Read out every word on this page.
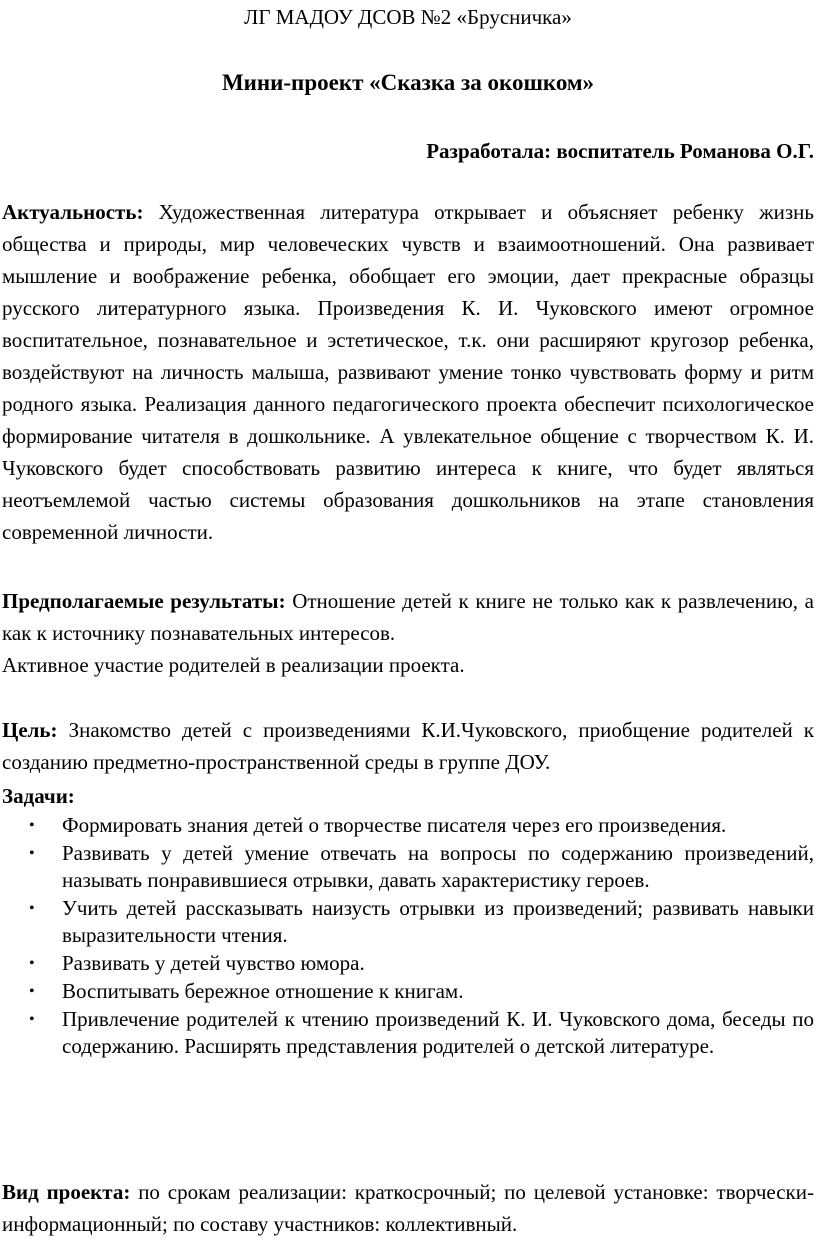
ЛГ МАДОУ ДСОВ №2 «Брусничка»

Мини-проект «Сказка за окошком»

Разработала: воспитатель Романова О.Г.

Актуальность: Художественная литература открывает и объясняет ребенку жизнь общества и природы, мир человеческих чувств и взаимоотношений. Она развивает мышление и воображение ребенка, обобщает его эмоции, дает прекрасные образцы русского литературного языка. Произведения К. И. Чуковского имеют огромное воспитательное, познавательное и эстетическое, т.к. они расширяют кругозор ребенка, воздействуют на личность малыша, развивают умение тонко чувствовать форму и ритм родного языка. Реализация данного педагогического проекта обеспечит психологическое формирование читателя в дошкольнике. А увлекательное общение с творчеством К. И. Чуковского будет способствовать развитию интереса к книге, что будет являться неотъемлемой частью системы образования дошкольников на этапе становления современной личности.

Предполагаемые результаты: Отношение детей к книге не только как к развлечению, а как к источнику познавательных интересов.

Активное участие родителей в реализации проекта.

Цель: Знакомство детей с произведениями К.И.Чуковского, приобщение родителей к созданию предметно-пространственной среды в группе ДОУ.

Задачи:

• Формировать знания детей о творчестве писателя через его произведения.
• Развивать у детей умение отвечать на вопросы по содержанию произведений, называть понравившиеся отрывки, давать характеристику героев.
• Учить детей рассказывать наизусть отрывки из произведений; развивать навыки выразительности чтения.
• Развивать у детей чувство юмора.
• Воспитывать бережное отношение к книгам.
• Привлечение родителей к чтению произведений К. И. Чуковского дома, беседы по содержанию. Расширять представления родителей о детской литературе.

Вид проекта: по срокам реализации: краткосрочный; по целевой установке: творчески-информационный; по составу участников: коллективный.
